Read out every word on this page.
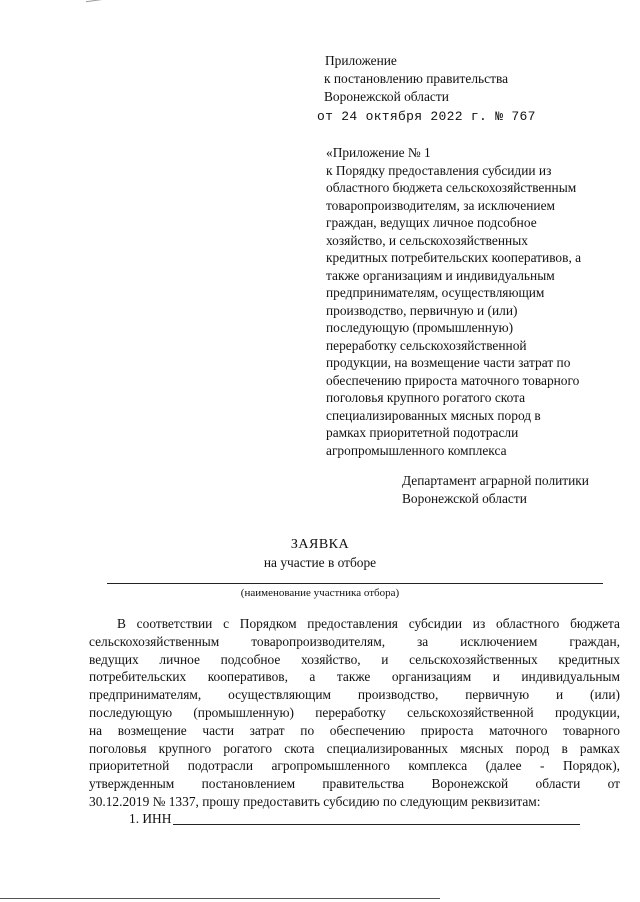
Приложение
к постановлению правительства
Воронежской области
от 24 октября 2022 г. № 767
«Приложение № 1
к Порядку предоставления субсидии из
областного бюджета сельскохозяйственным
товаропроизводителям, за исключением
граждан, ведущих личное подсобное
хозяйство, и сельскохозяйственных
кредитных потребительских кооперативов, а
также организациям и индивидуальным
предпринимателям, осуществляющим
производство, первичную и (или)
последующую (промышленную)
переработку сельскохозяйственной
продукции, на возмещение части затрат по
обеспечению прироста маточного товарного
поголовья крупного рогатого скота
специализированных мясных пород в
рамках приоритетной подотрасли
агропромышленного комплекса
Департамент аграрной политики
Воронежской области
ЗАЯВКА
на участие в отборе
(наименование участника отбора)
В соответствии с Порядком предоставления субсидии из областного бюджета
сельскохозяйственным товаропроизводителям, за исключением граждан,
ведущих личное подсобное хозяйство, и сельскохозяйственных кредитных
потребительских кооперативов, а также организациям и индивидуальным
предпринимателям, осуществляющим производство, первичную и (или)
последующую (промышленную) переработку сельскохозяйственной продукции,
на возмещение части затрат по обеспечению прироста маточного товарного
поголовья крупного рогатого скота специализированных мясных пород в рамках
приоритетной подотрасли агропромышленного комплекса (далее - Порядок),
утвержденным постановлением правительства Воронежской области от
30.12.2019 № 1337, прошу предоставить субсидию по следующим реквизитам:
1. ИНН
